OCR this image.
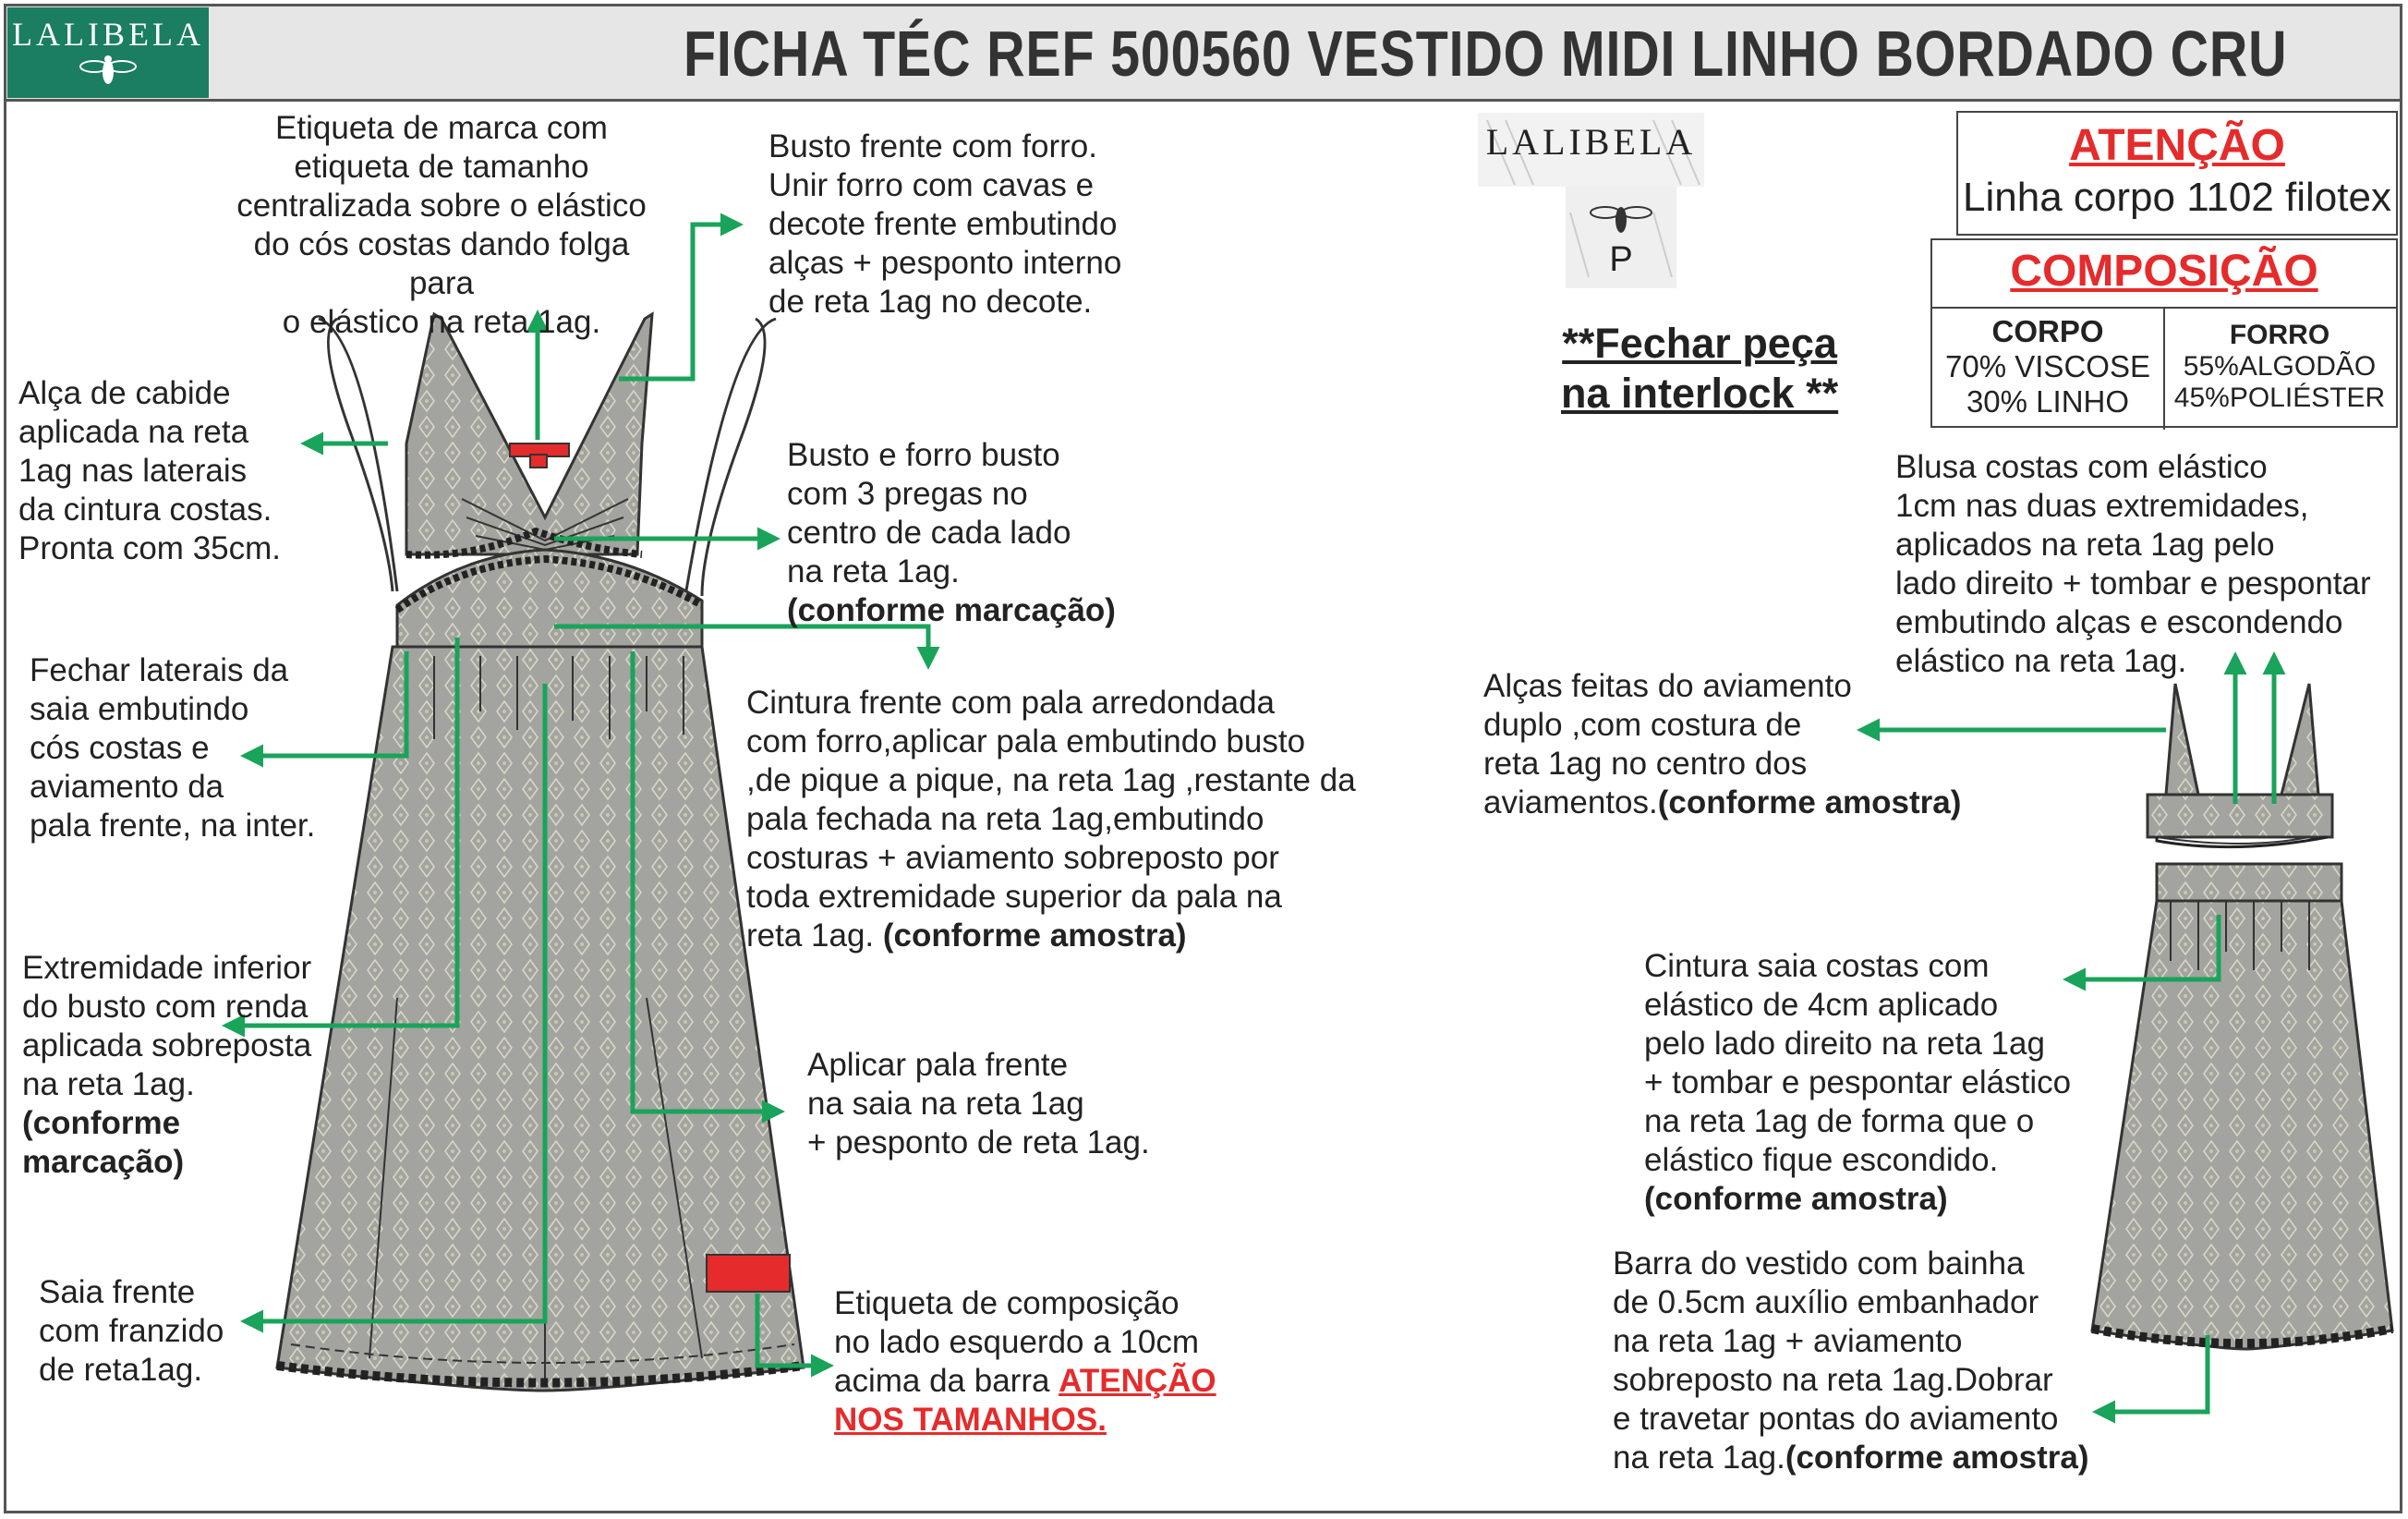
LALIBELA	FICHA TÉC REF 500560 VESTIDO MIDI LINHO BORDADO CRU
LALIBELA
P
ATENÇÃO
Linha corpo 1102 filotex
COMPOSIÇÃO
CORPO
70% VISCOSE
30% LINHO
FORRO
55%ALGODÃO
45%POLIÉSTER
**Fechar peça
na interlock **
Etiqueta de marca com
etiqueta de tamanho
centralizada sobre o elástico
do cós costas dando folga para
o elástico na reta 1ag.
Busto frente com forro.
Unir forro com cavas e
decote frente embutindo
alças + pesponto interno
de reta 1ag no decote.
Alça de cabide
aplicada na reta
1ag nas laterais
da cintura costas.
Pronta com 35cm.

Busto e forro busto
com 3 pregas no
centro de cada lado
na reta 1ag.

(conforme marcação)

Fechar laterais da
saia embutindo
cós costas e
aviamento da
pala frente, na inter.
Cintura frente com pala arredondada
com forro,aplicar pala embutindo busto
,de pique a pique, na reta 1ag ,restante da
pala fechada na reta 1ag,embutindo
costuras + aviamento sobreposto por
toda extremidade superior da pala na
reta 1ag. (conforme amostra)

Extremidade inferior
do busto com renda
aplicada sobreposta
na reta 1ag.

(conforme
marcação)

Aplicar pala frente
na saia na reta 1ag
+ pesponto de reta 1ag.
Saia frente
com franzido
de reta1ag.
Etiqueta de composição
no lado esquerdo a 10cm
acima da barra ATENÇÃO
NOS TAMANHOS.
Blusa costas com elástico
1cm nas duas extremidades,
aplicados na reta 1ag pelo
lado direito + tombar e pespontar
embutindo alças e escondendo
elástico na reta 1ag.
Alças feitas do aviamento
duplo ,com costura de
reta 1ag no centro dos
aviamentos.(conforme amostra)

Cintura saia costas com
elástico de 4cm aplicado
pelo lado direito na reta 1ag
+ tombar e pespontar elástico
na reta 1ag de forma que o
elástico fique escondido.

(conforme amostra)

Barra do vestido com bainha
de 0.5cm auxílio embanhador
na reta 1ag + aviamento
sobreposto na reta 1ag.Dobrar
e travetar pontas do aviamento
na reta 1ag.(conforme amostra)
